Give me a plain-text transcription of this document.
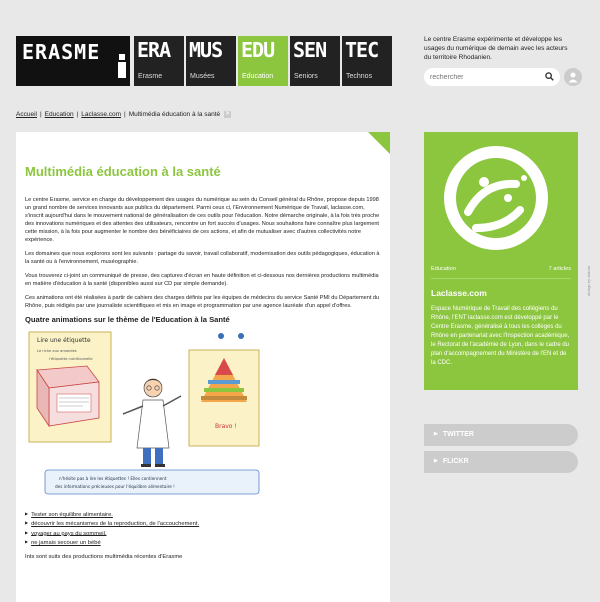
ERASME ERA
Erasme
MUS
Musées
EDU
Education
SEN
Seniors
TEC
Technos
Le centre Erasme expérimente et développe les usages du numérique de demain avec les acteurs du territoire Rhodanien.
rechercher
Accueil | Education | Laclasse.com | Multimédia éducation à la santé ✕
Multimédia éducation à la santé

Le centre Erasme, service en charge du développement des usages du numérique au sein du Conseil général du Rhône, propose depuis 1998 un grand nombre de services innovants aux publics du département. Parmi ceux ci, l'Environnement Numérique de Travail, laclasse.com, s'inscrit aujourd'hui dans le mouvement national de généralisation de ces outils pour l'éducation. Notre démarche originale, à la fois très proche des innovations numériques et des attentes des utilisateurs, rencontre un fort succès d'usages. Nous souhaitons faire connaître plus largement cette mission, à la fois pour augmenter le nombre des bénéficiaires de ces actions, et afin de mutualiser avec d'autres collectivités notre expérience.

Les domaines que nous explorons sont les suivants : partage du savoir, travail collaboratif, modernisation des outils pédagogiques, éducation à la santé ou à l'environnement, muséographie.

Vous trouverez ci-joint un communiqué de presse, des captures d'écran en haute définition et ci-dessous nos dernières productions multimédia en matière d'éducation à la santé (disponibles aussi sur CD par simple demande).

Ces animations ont été réalisées à partir de cahiers des charges définis par les équipes de médecins du service Santé PMI du Département du Rhône, puis rédigés par une journaliste scientifiques et mis en image et programmation par une agence lauréate d'un appel d'offres.

Quatre animations sur le thème de l'Education à la Santé
Lire une étiquette
Le riche aux amandes
l'étiquette nutritionnelle
Bravo !
n'hésite pas à lire les étiquettes ! Elles contiennent
des informations précieuses pour l'équilibre alimentaire !
▶ Tester son équilibre alimentaire.
▶ découvrir les mécanismes de la reproduction, de l'accouchement.
▶ voyager au pays du sommeil.
▶ ne jamais secouer un bébé
Ints sont suits des productions multimédia récentes d'Erasme
Education	7 articles
Laclasse.com
Espace Numérique de Travail des collégiens du Rhône, l'ENT laclasse.com est développé par le Centre Erasme, généralisé à tous les collèges du Rhône en partenariat avec l'Inspection académique, le Rectorat de l'académie de Lyon, dans le cadre du plan d'accompagnement du Ministère de l'EN et de la CDC.
design by dakota
▶ TWITTER
▶ FLICKR
